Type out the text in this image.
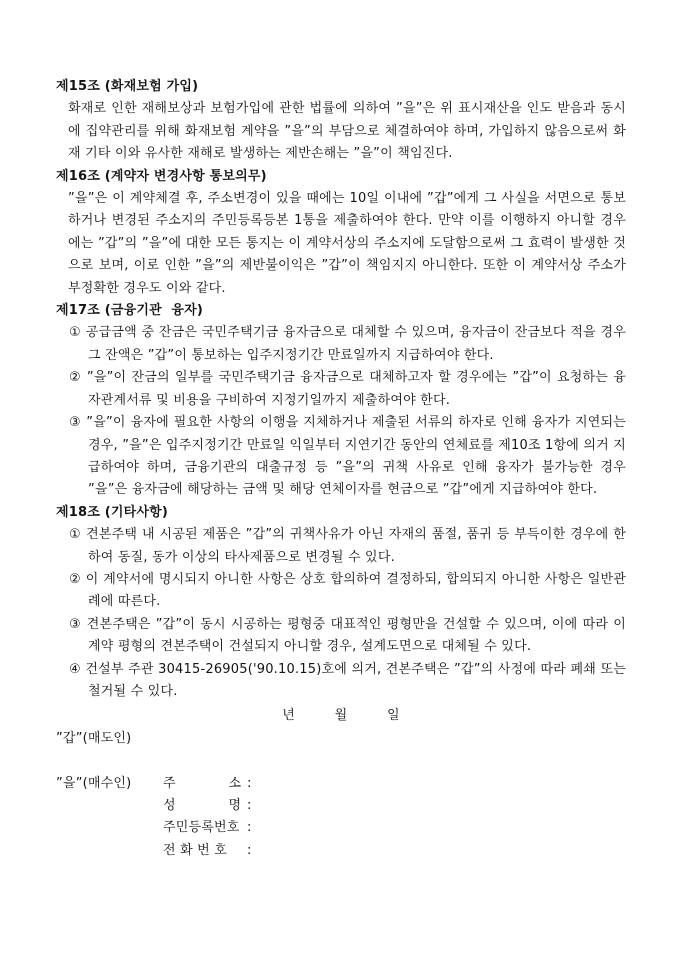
제15조 (화재보험 가입)
화재로 인한 재해보상과 보험가입에 관한 법률에 의하여 ”을”은 위 표시재산을 인도 받음과 동시에 집약관리를 위해 화재보험 계약을 ”을”의 부담으로 체결하여야 하며, 가입하지 않음으로써 화재 기타 이와 유사한 재해로 발생하는 제반손해는 ”을”이 책임진다.
제16조 (계약자 변경사항 통보의무)
”을”은 이 계약체결 후, 주소변경이 있을 때에는 10일 이내에 ”갑”에게 그 사실을 서면으로 통보하거나 변경된 주소지의 주민등록등본 1통을 제출하여야 한다. 만약 이를 이행하지 아니할 경우에는 ”갑”의 ”을”에 대한 모든 통지는 이 계약서상의 주소지에 도달함으로써 그 효력이 발생한 것으로 보며, 이로 인한 ”을”의 제반불이익은 ”갑”이 책임지지 아니한다. 또한 이 계약서상 주소가 부정확한 경우도 이와 같다.
제17조 (금융기관  융자)
① 공급금액 중 잔금은 국민주택기금 융자금으로 대체할 수 있으며, 융자금이 잔금보다 적을 경우 그 잔액은 ”갑”이 통보하는 입주지정기간 만료일까지 지급하여야 한다.
② ”을”이 잔금의 일부를 국민주택기금 융자금으로 대체하고자 할 경우에는 ”갑”이 요청하는 융자관계서류 및 비용을 구비하여 지정기일까지 제출하여야 한다.
③ ”을”이 융자에 필요한 사항의 이행을 지체하거나 제출된 서류의 하자로 인해 융자가 지연되는 경우, ”을”은 입주지정기간 만료일 익일부터 지연기간 동안의 연체료를 제10조 1항에 의거 지급하여야 하며, 금융기관의 대출규정 등 ”을”의 귀책 사유로 인해 융자가 불가능한 경우 ”을”은 융자금에 해당하는 금액 및 해당 연체이자를 현금으로 ”갑”에게 지급하여야 한다.
제18조 (기타사항)
① 견본주택 내 시공된 제품은 ”갑”의 귀책사유가 아닌 자재의 품절, 품귀 등 부득이한 경우에 한하여 동질, 동가 이상의 타사제품으로 변경될 수 있다.
② 이 계약서에 명시되지 아니한 사항은 상호 합의하여 결정하되, 합의되지 아니한 사항은 일반관례에 따른다.
③ 견본주택은 ”갑”이 동시 시공하는 평형중 대표적인 평형만을 건설할 수 있으며, 이에 따라 이 계약 평형의 견본주택이 건설되지 아니할 경우, 설계도면으로 대체될 수 있다.
④ 건설부 주관 30415-26905('90.10.15)호에 의거, 견본주택은 ”갑”의 사정에 따라 폐쇄 또는 철거될 수 있다.
년　　　월　　　일
”갑”(매도인)
”을”(매수인) 주　　　　소 :
성　　　　명 :
주민등록번호 :
전 화 번 호 :
